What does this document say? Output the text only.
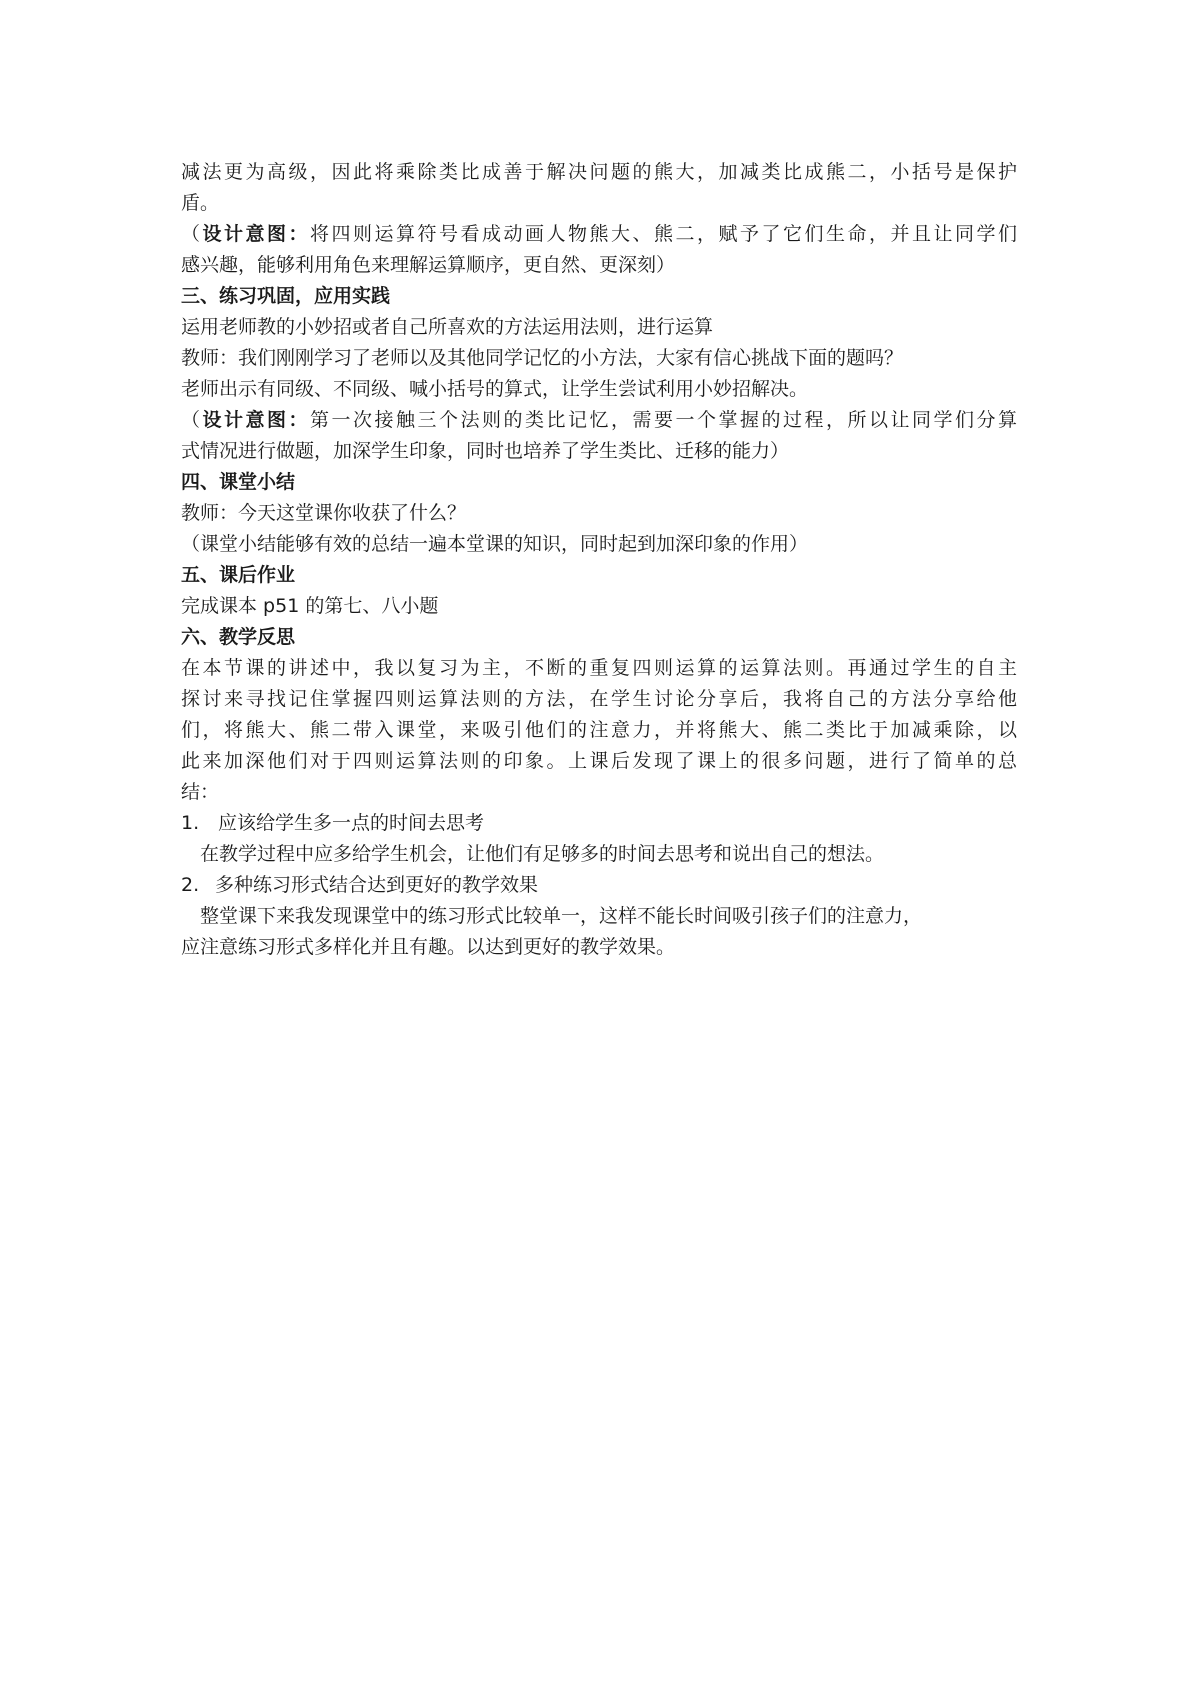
减法更为高级，因此将乘除类比成善于解决问题的熊大，加减类比成熊二，小括号是保护
盾。
（设计意图：将四则运算符号看成动画人物熊大、熊二，赋予了它们生命，并且让同学们
感兴趣，能够利用角色来理解运算顺序，更自然、更深刻）
三、练习巩固，应用实践
运用老师教的小妙招或者自己所喜欢的方法运用法则，进行运算
教师：我们刚刚学习了老师以及其他同学记忆的小方法，大家有信心挑战下面的题吗？
老师出示有同级、不同级、喊小括号的算式，让学生尝试利用小妙招解决。
（设计意图：第一次接触三个法则的类比记忆，需要一个掌握的过程，所以让同学们分算
式情况进行做题，加深学生印象，同时也培养了学生类比、迁移的能力）
四、课堂小结
教师：今天这堂课你收获了什么？
（课堂小结能够有效的总结一遍本堂课的知识，同时起到加深印象的作用）
五、课后作业
完成课本 p51 的第七、八小题
六、教学反思
在本节课的讲述中，我以复习为主，不断的重复四则运算的运算法则。再通过学生的自主
探讨来寻找记住掌握四则运算法则的方法，在学生讨论分享后，我将自己的方法分享给他
们，将熊大、熊二带入课堂，来吸引他们的注意力，并将熊大、熊二类比于加减乘除，以
此来加深他们对于四则运算法则的印象。上课后发现了课上的很多问题，进行了简单的总
结：
1. 应该给学生多一点的时间去思考
在教学过程中应多给学生机会，让他们有足够多的时间去思考和说出自己的想法。
2. 多种练习形式结合达到更好的教学效果
整堂课下来我发现课堂中的练习形式比较单一，这样不能长时间吸引孩子们的注意力，
应注意练习形式多样化并且有趣。以达到更好的教学效果。
